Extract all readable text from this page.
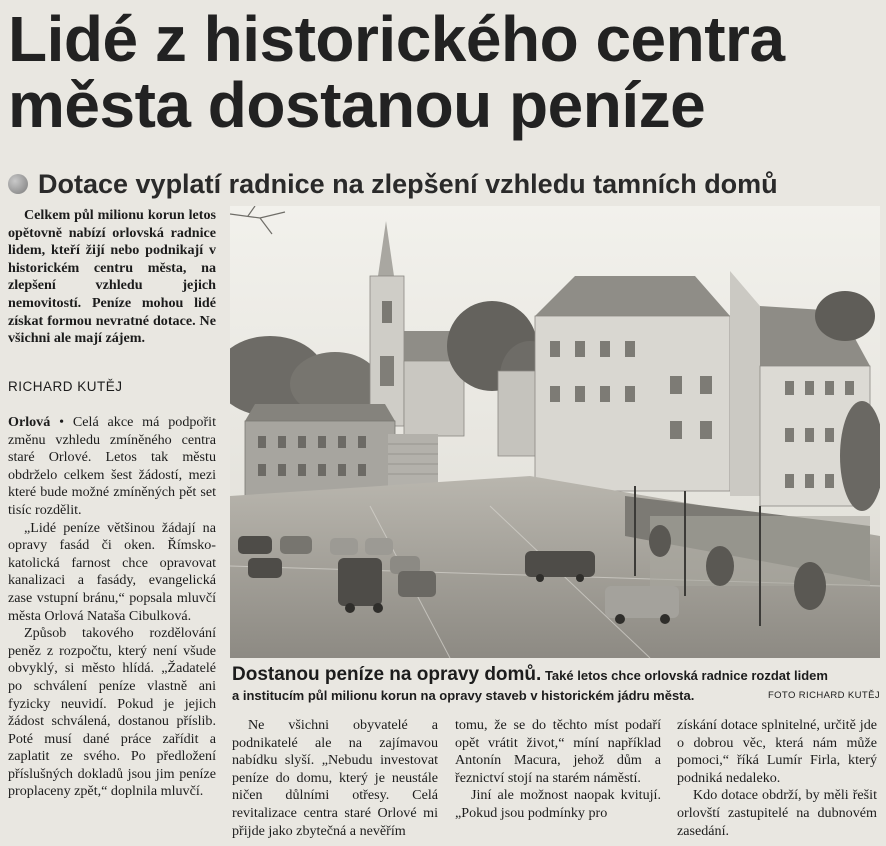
Lidé z historického centra
města dostanou peníze
Dotace vyplatí radnice na zlepšení vzhledu tamních domů

Celkem půl milionu korun letos opětovně nabízí orlovská radnice lidem, kteří žijí nebo podnikají v historickém centru města, na zlepšení vzhledu jejich nemovitostí. Peníze mohou lidé získat formou nevratné dotace. Ne všichni ale mají zájem.

RICHARD KUTĚJ

Orlová • Celá akce má podpořit změnu vzhledu zmíněného centra staré Orlové. Letos tak městu obdrželo celkem šest žádostí, mezi které bude možné zmíněných pět set tisíc rozdělit.

„Lidé peníze většinou žádají na opravy fasád či oken. Římsko-katolická farnost chce opravovat kanalizaci a fasády, evangelická zase vstupní bránu,“ popsala mluvčí města Orlová Nataša Cibulková.

Způsob takového rozdělování peněz z rozpočtu, který není všude obvyklý, si město hlídá. „Žadatelé po schválení peníze vlastně ani fyzicky neuvidí. Pokud je jejich žádost schválená, dostanou příslib. Poté musí dané práce zařídit a zaplatit ze svého. Po předložení příslušných dokladů jsou jim peníze proplaceny zpět,“ doplnila mluvčí.

Dostanou peníze na opravy domů. Také letos chce orlovská radnice rozdat lidem
a institucím půl milionu korun na opravy staveb v historickém jádru města.	FOTO RICHARD KUTĚJ

Ne všichni obyvatelé a podnikatelé ale na zajímavou nabídku slyší. „Nebudu investovat peníze do domu, který je neustále ničen důlními otřesy. Celá revitalizace centra staré Orlové mi přijde jako zbytečná a nevěřím

tomu, že se do těchto míst podaří opět vrátit život,“ míní například Antonín Macura, jehož dům a řeznictví stojí na starém náměstí.

Jiní ale možnost naopak kvitují. „Pokud jsou podmínky pro

získání dotace splnitelné, určitě jde o dobrou věc, která nám může pomoci,“ říká Lumír Firla, který podniká nedaleko.

Kdo dotace obdrží, by měli řešit orlovští zastupitelé na dubnovém zasedání.
